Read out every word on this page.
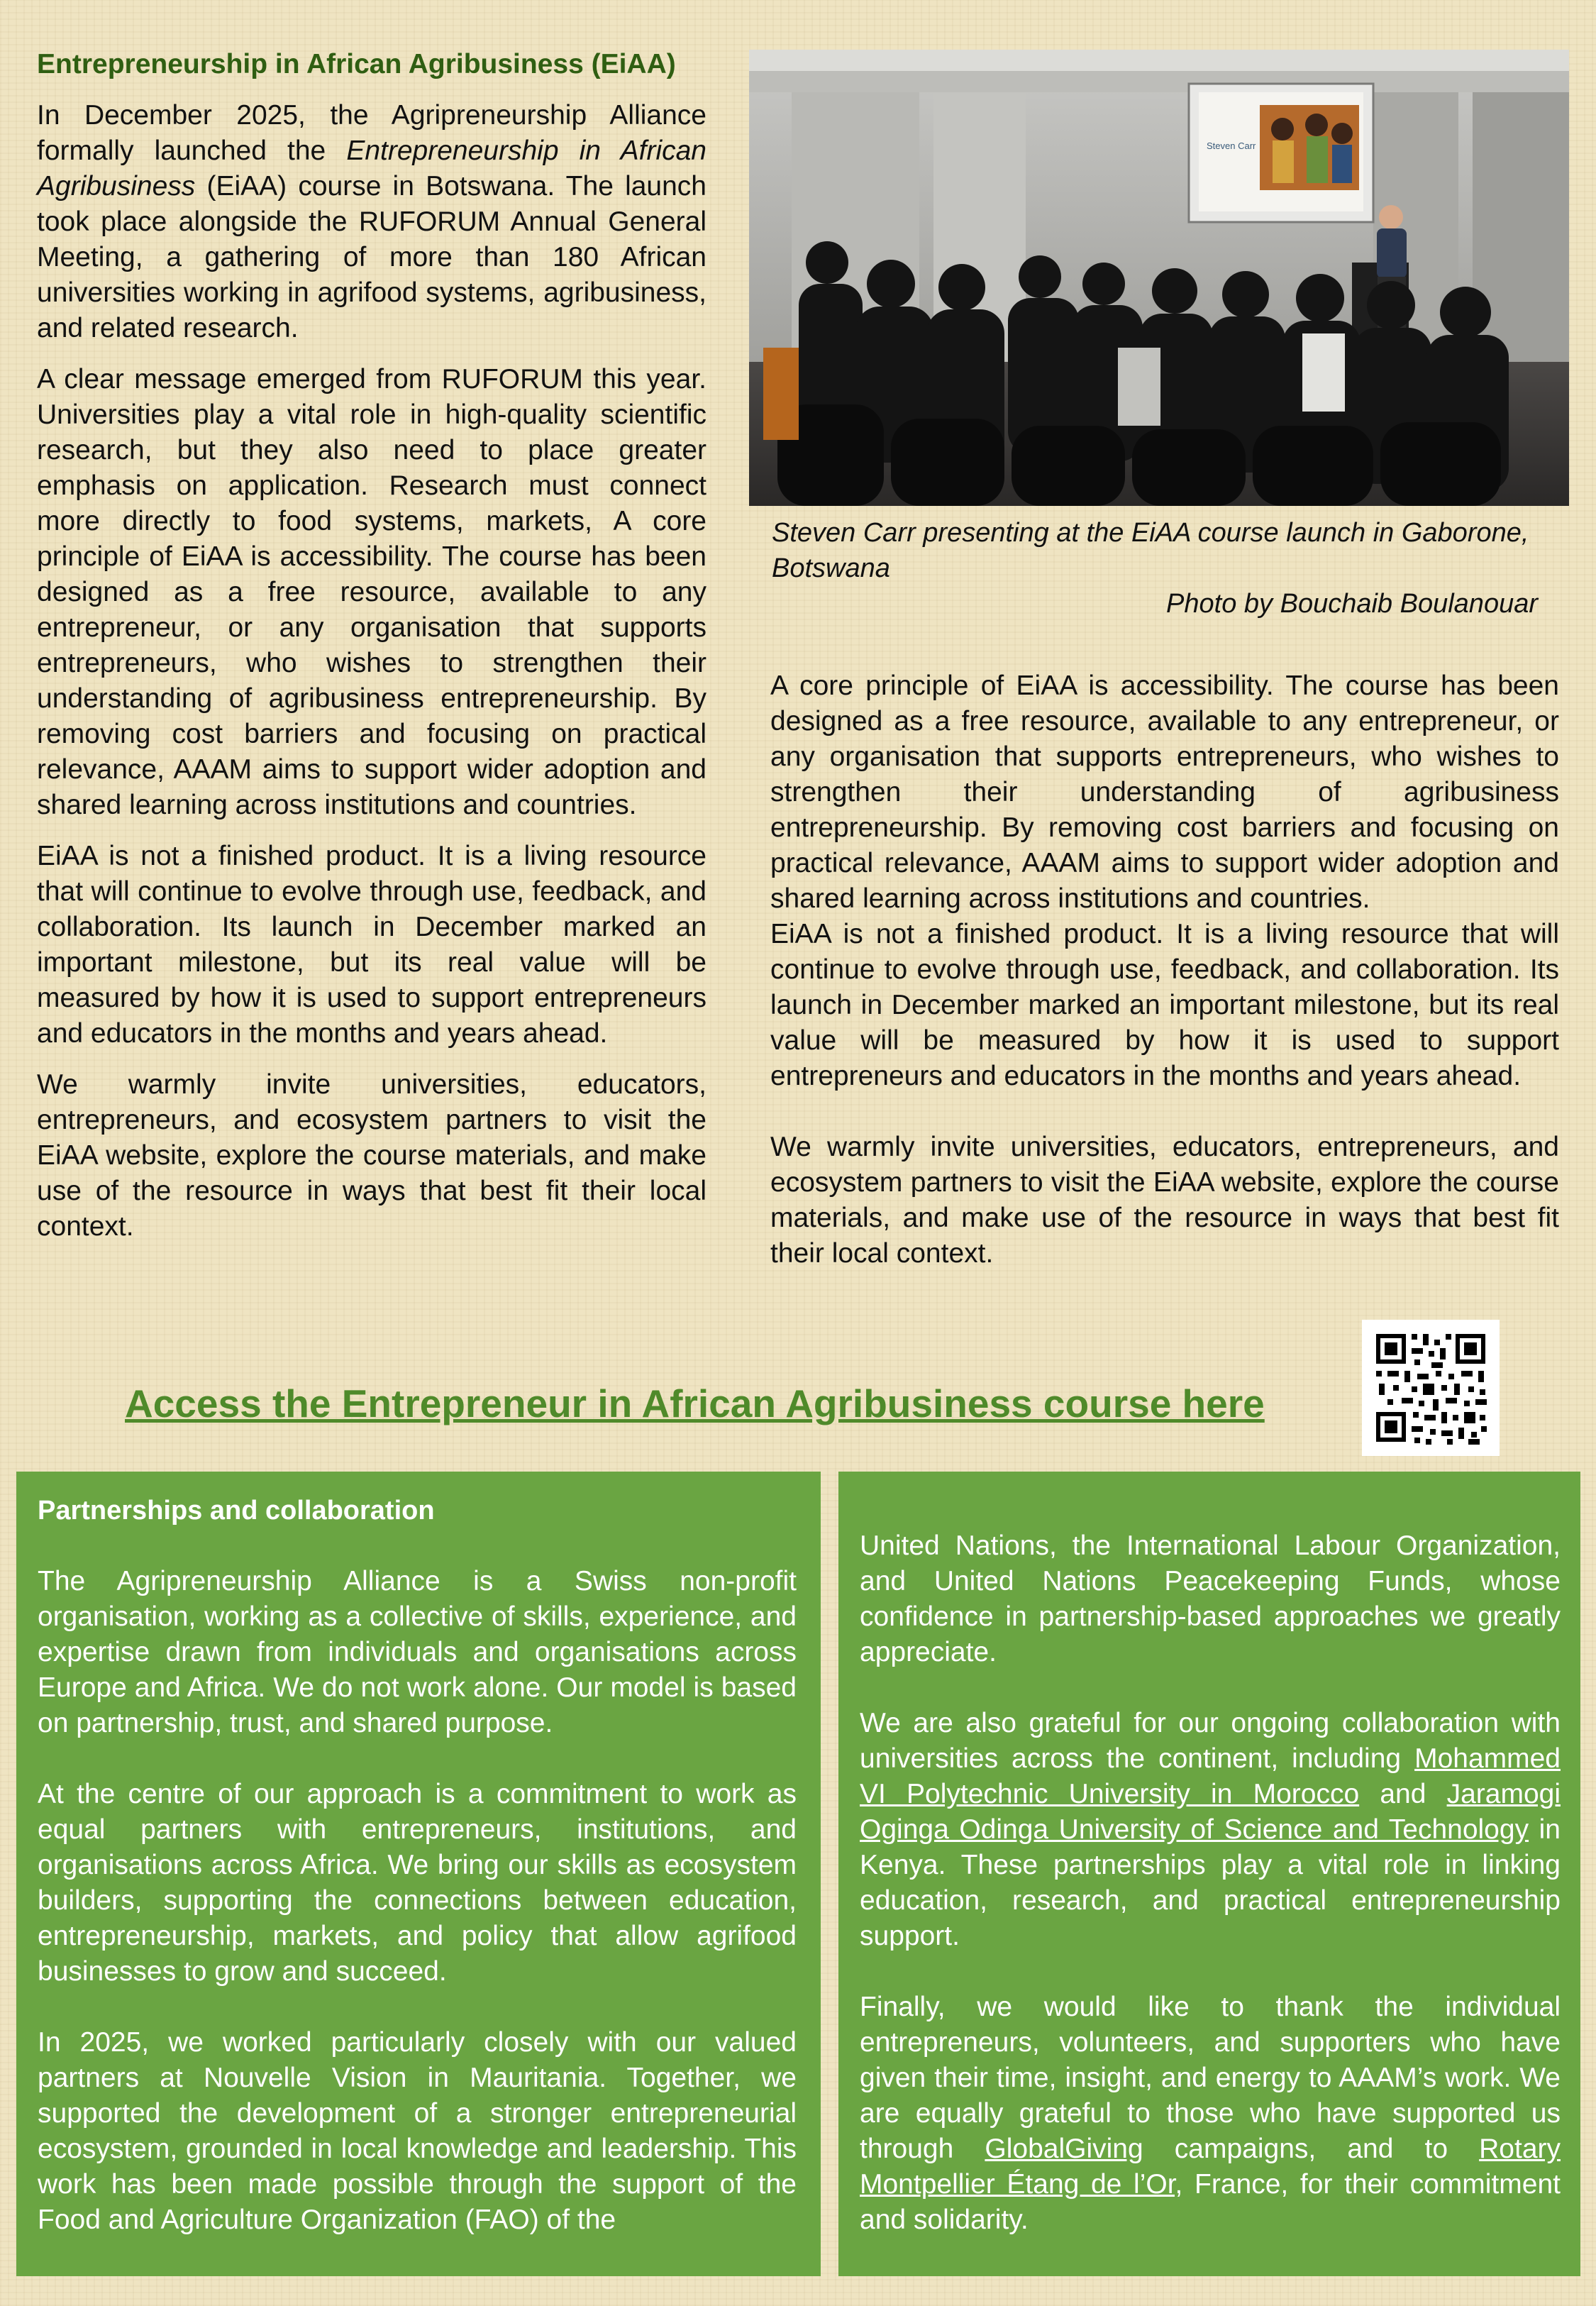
Entrepreneurship in African Agribusiness (EiAA)

In December 2025, the Agripreneurship Alliance formally launched the Entrepreneurship in African Agribusiness (EiAA) course in Botswana. The launch took place alongside the RUFORUM Annual General Meeting, a gathering of more than 180 African universities working in agrifood systems, agribusiness, and related research.

A clear message emerged from RUFORUM this year. Universities play a vital role in high-quality scientific research, but they also need to place greater emphasis on application. Research must connect more directly to food systems, markets, A core principle of EiAA is accessibility. The course has been designed as a free resource, available to any entrepreneur, or any organisation that supports entrepreneurs, who wishes to strengthen their understanding of agribusiness entrepreneurship. By removing cost barriers and focusing on practical relevance, AAAM aims to support wider adoption and shared learning across institutions and countries.

EiAA is not a finished product. It is a living resource that will continue to evolve through use, feedback, and collaboration. Its launch in December marked an important milestone, but its real value will be measured by how it is used to support entrepreneurs and educators in the months and years ahead.

We warmly invite universities, educators, entrepreneurs, and ecosystem partners to visit the EiAA website, explore the course materials, and make use of the resource in ways that best fit their local context.

Steven Carr

Steven Carr presenting at the EiAA course launch in Gaborone, Botswana

Photo by Bouchaib Boulanouar

A core principle of EiAA is accessibility. The course has been designed as a free resource, available to any entrepreneur, or any organisation that supports entrepreneurs, who wishes to strengthen their understanding of agribusiness entrepreneurship. By removing cost barriers and focusing on practical relevance, AAAM aims to support wider adoption and shared learning across institutions and countries.

EiAA is not a finished product. It is a living resource that will continue to evolve through use, feedback, and collaboration. Its launch in December marked an important milestone, but its real value will be measured by how it is used to support entrepreneurs and educators in the months and years ahead.

We warmly invite universities, educators, entrepreneurs, and ecosystem partners to visit the EiAA website, explore the course materials, and make use of the resource in ways that best fit their local context.

Access the Entrepreneur in African Agribusiness course here

Partnerships and collaboration

The Agripreneurship Alliance is a Swiss non-profit organisation, working as a collective of skills, experience, and expertise drawn from individuals and organisations across Europe and Africa. We do not work alone. Our model is based on partnership, trust, and shared purpose.

At the centre of our approach is a commitment to work as equal partners with entrepreneurs, institutions, and organisations across Africa. We bring our skills as ecosystem builders, supporting the connections between education, entrepreneurship, markets, and policy that allow agrifood businesses to grow and succeed.

In 2025, we worked particularly closely with our valued partners at Nouvelle Vision in Mauritania. Together, we supported the development of a stronger entrepreneurial ecosystem, grounded in local knowledge and leadership. This work has been made possible through the support of the Food and Agriculture Organization (FAO) of the

United Nations, the International Labour Organization, and United Nations Peacekeeping Funds, whose confidence in partnership-based approaches we greatly appreciate.

We are also grateful for our ongoing collaboration with universities across the continent, including Mohammed VI Polytechnic University in Morocco and Jaramogi Oginga Odinga University of Science and Technology in Kenya. These partnerships play a vital role in linking education, research, and practical entrepreneurship support.

Finally, we would like to thank the individual entrepreneurs, volunteers, and supporters who have given their time, insight, and energy to AAAM’s work. We are equally grateful to those who have supported us through GlobalGiving campaigns, and to Rotary Montpellier Étang de l’Or, France, for their commitment and solidarity.
